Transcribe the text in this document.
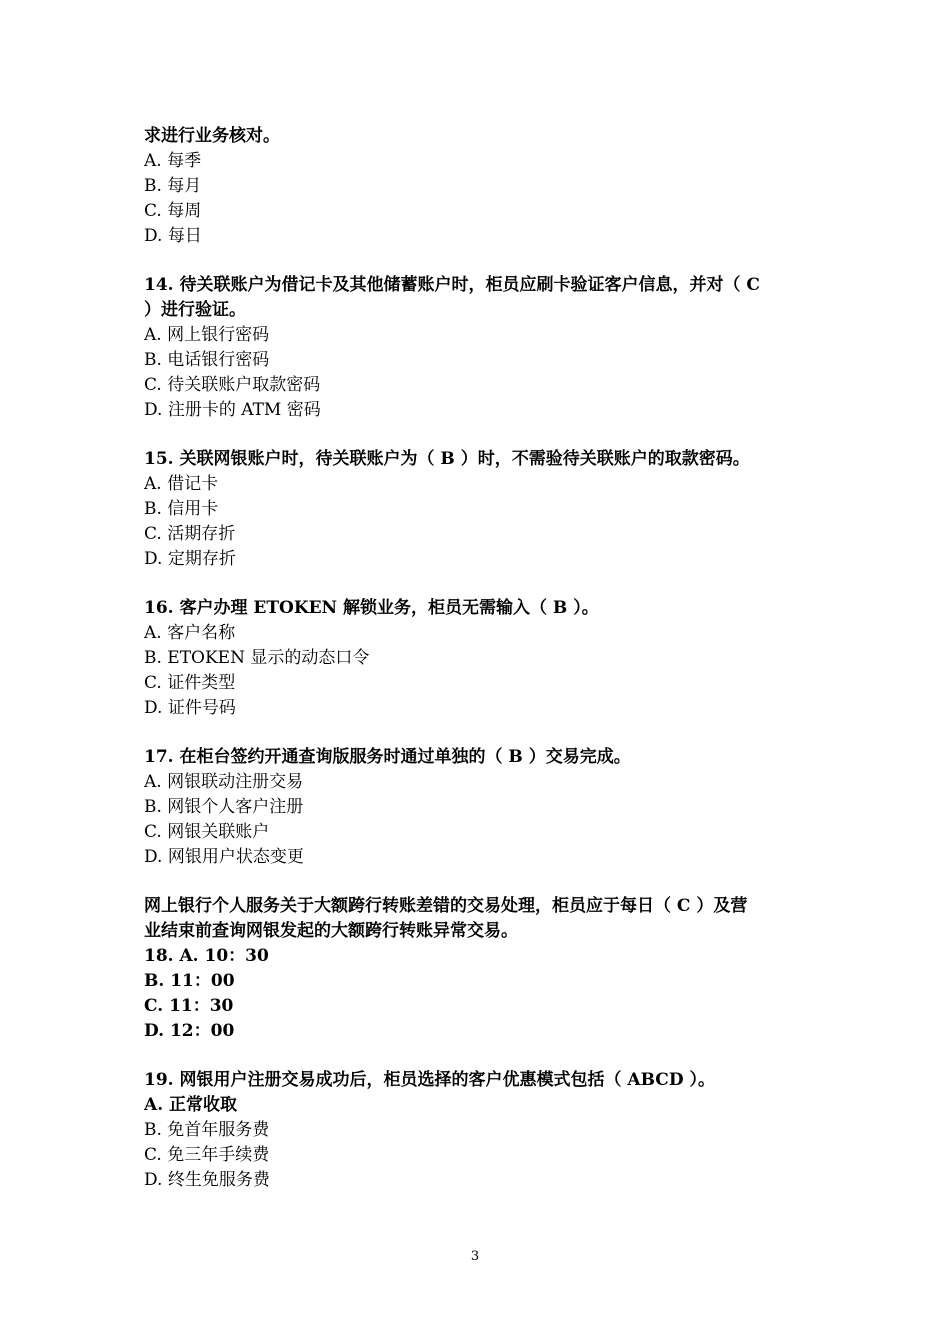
求进行业务核对。
A. 每季
B. 每月
C. 每周
D. 每日
14. 待关联账户为借记卡及其他储蓄账户时，柜员应刷卡验证客户信息，并对（ C
）进行验证。
A. 网上银行密码
B. 电话银行密码
C. 待关联账户取款密码
D. 注册卡的 ATM 密码
15. 关联网银账户时，待关联账户为（ B ）时，不需验待关联账户的取款密码。
A. 借记卡
B. 信用卡
C. 活期存折
D. 定期存折
16. 客户办理 ETOKEN 解锁业务，柜员无需输入（ B ）。
A. 客户名称
B. ETOKEN 显示的动态口令
C. 证件类型
D. 证件号码
17. 在柜台签约开通查询版服务时通过单独的（ B ）交易完成。
A. 网银联动注册交易
B. 网银个人客户注册
C. 网银关联账户
D. 网银用户状态变更
网上银行个人服务关于大额跨行转账差错的交易处理，柜员应于每日（ C ）及营
业结束前查询网银发起的大额跨行转账异常交易。
18. A. 10：30
B. 11：00
C. 11：30
D. 12：00
19. 网银用户注册交易成功后，柜员选择的客户优惠模式包括（ ABCD ）。
A. 正常收取
B. 免首年服务费
C. 免三年手续费
D. 终生免服务费
3
